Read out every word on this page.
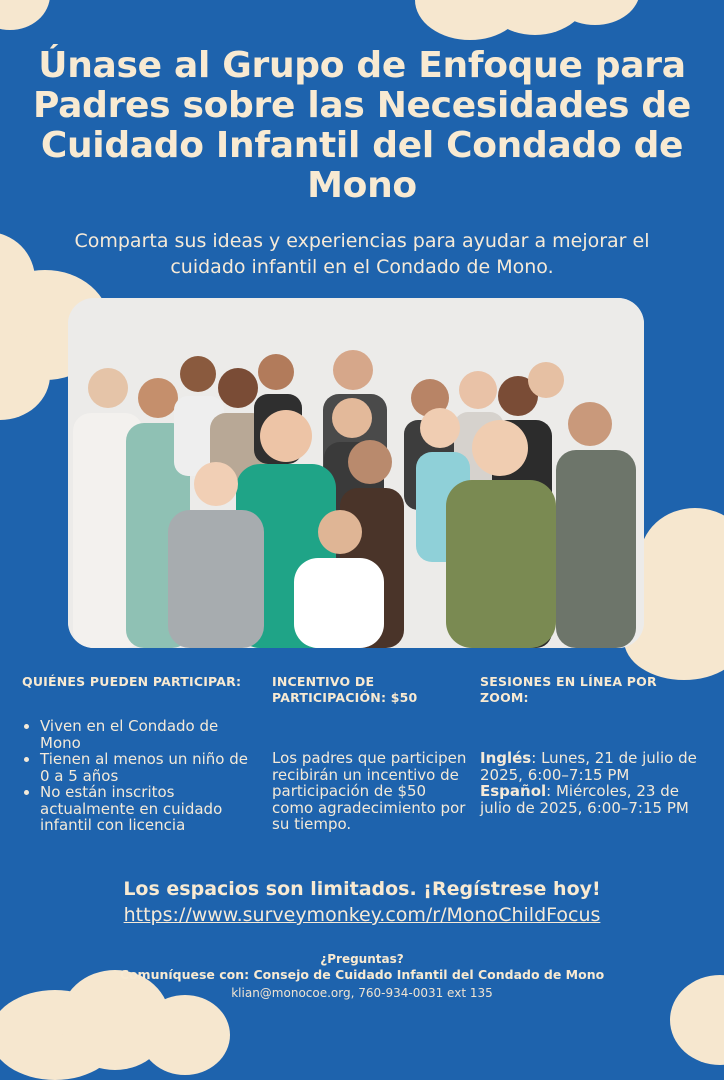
Únase al Grupo de Enfoque para Padres sobre las Necesidades de Cuidado Infantil del Condado de Mono

Comparta sus ideas y experiencias para ayudar a mejorar el cuidado infantil en el Condado de Mono.

QUIÉNES PUEDEN PARTICIPAR:
• Viven en el Condado de Mono
• Tienen al menos un niño de 0 a 5 años
• No están inscritos actualmente en cuidado infantil con licencia
INCENTIVO DE PARTICIPACIÓN: $50

Los padres que participen recibirán un incentivo de participación de $50 como agradecimiento por su tiempo.

SESIONES EN LÍNEA POR ZOOM:

Inglés: Lunes, 21 de julio de 2025, 6:00–7:15 PM

Español: Miércoles, 23 de julio de 2025, 6:00–7:15 PM

Los espacios son limitados. ¡Regístrese hoy!

https://www.surveymonkey.com/r/MonoChildFocus
¿Preguntas?
Comuníquese con: Consejo de Cuidado Infantil del Condado de Mono
klian@monocoe.org, 760-934-0031 ext 135
